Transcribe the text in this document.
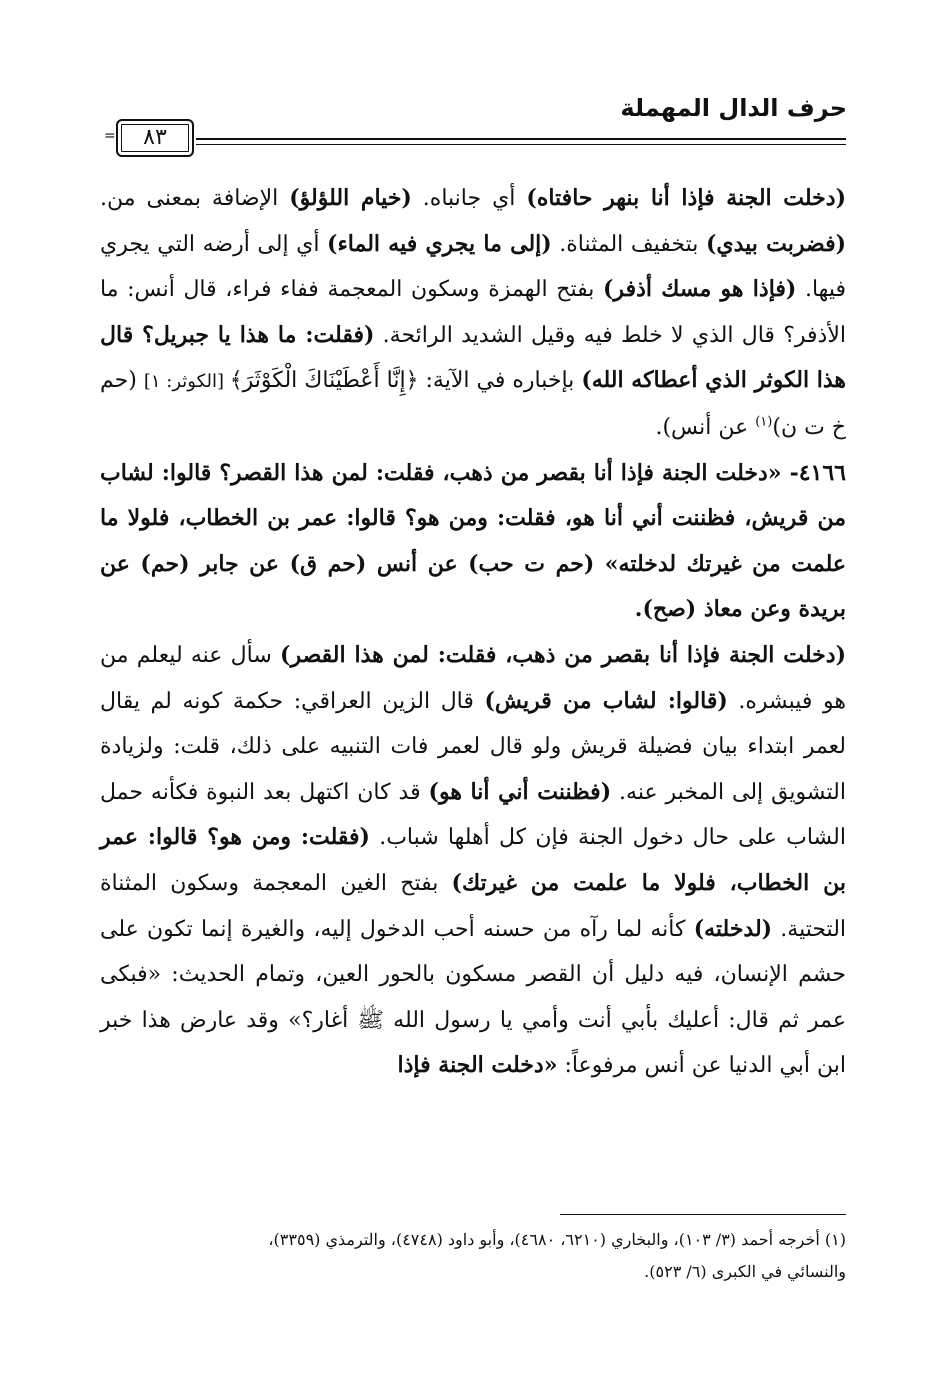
حرف الدال المهملة
٨٣
=

(دخلت الجنة فإذا أنا بنهر حافتاه) أي جانباه. (خيام اللؤلؤ) الإضافة بمعنى من. (فضربت بيدي) بتخفيف المثناة. (إلى ما يجري فيه الماء) أي إلى أرضه التي يجري فيها. (فإذا هو مسك أذفر) بفتح الهمزة وسكون المعجمة ففاء فراء، قال أنس: ما الأذفر؟ قال الذي لا خلط فيه وقيل الشديد الرائحة. (فقلت: ما هذا يا جبريل؟ قال هذا الكوثر الذي أعطاكه الله) بإخباره في الآية: ﴿إِنَّا أَعْطَيْنَاكَ الْكَوْثَرَ﴾ [الكوثر: ١] (حم خ ت ن)$^{(١)}$ عن أنس).

٤١٦٦- «دخلت الجنة فإذا أنا بقصر من ذهب، فقلت: لمن هذا القصر؟ قالوا: لشاب من قريش، فظننت أني أنا هو، فقلت: ومن هو؟ قالوا: عمر بن الخطاب، فلولا ما علمت من غيرتك لدخلته» (حم ت حب) عن أنس (حم ق) عن جابر (حم) عن بريدة وعن معاذ (صح).

(دخلت الجنة فإذا أنا بقصر من ذهب، فقلت: لمن هذا القصر) سأل عنه ليعلم من هو فيبشره. (قالوا: لشاب من قريش) قال الزين العراقي: حكمة كونه لم يقال لعمر ابتداء بيان فضيلة قريش ولو قال لعمر فات التنبيه على ذلك، قلت: ولزيادة التشويق إلى المخبر عنه. (فظننت أني أنا هو) قد كان اكتهل بعد النبوة فكأنه حمل الشاب على حال دخول الجنة فإن كل أهلها شباب. (فقلت: ومن هو؟ قالوا: عمر بن الخطاب، فلولا ما علمت من غيرتك) بفتح الغين المعجمة وسكون المثناة التحتية. (لدخلته) كأنه لما رآه من حسنه أحب الدخول إليه، والغيرة إنما تكون على حشم الإنسان، فيه دليل أن القصر مسكون بالحور العين، وتمام الحديث: «فبكى عمر ثم قال: أعليك بأبي أنت وأمي يا رسول الله ﷺ أغار؟» وقد عارض هذا خبر ابن أبي الدنيا عن أنس مرفوعاً: «دخلت الجنة فإذا

(١) أخرجه أحمد (٣/ ١٠٣)، والبخاري (٦٢١٠، ٤٦٨٠)، وأبو داود (٤٧٤٨)، والترمذي (٣٣٥٩)،

والنسائي في الكبرى (٦/ ٥٢٣).
